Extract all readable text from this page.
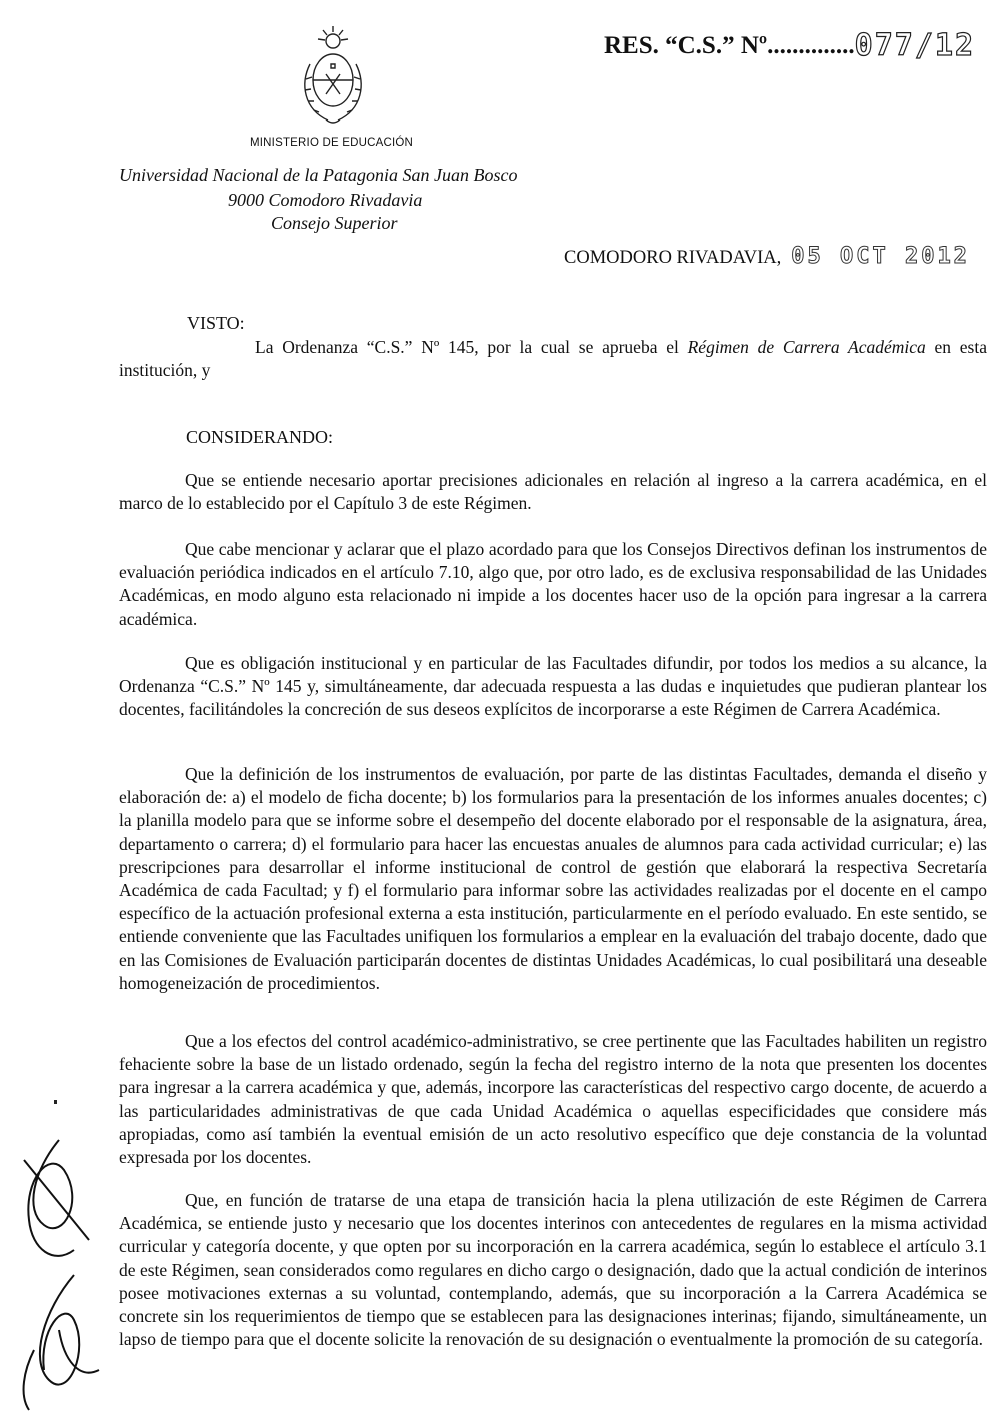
MINISTERIO DE EDUCACIÓN
RES. “C.S.” Nº..............077/12
Universidad Nacional de la Patagonia San Juan Bosco
9000 Comodoro Rivadavia
Consejo Superior
COMODORO RIVADAVIA, 05 OCT 2012
VISTO:
La Ordenanza “C.S.” Nº 145, por la cual se aprueba el Régimen de Carrera Académica en esta institución, y
CONSIDERANDO:

Que se entiende necesario aportar precisiones adicionales en relación al ingreso a la carrera académica, en el marco de lo establecido por el Capítulo 3 de este Régimen.

Que cabe mencionar y aclarar que el plazo acordado para que los Consejos Directivos definan los instrumentos de evaluación periódica indicados en el artículo 7.10, algo que, por otro lado, es de exclusiva responsabilidad de las Unidades Académicas, en modo alguno esta relacionado ni impide a los docentes hacer uso de la opción para ingresar a la carrera académica.

Que es obligación institucional y en particular de las Facultades difundir, por todos los medios a su alcance, la Ordenanza “C.S.” Nº 145 y, simultáneamente, dar adecuada respuesta a las dudas e inquietudes que pudieran plantear los docentes, facilitándoles la concreción de sus deseos explícitos de incorporarse a este Régimen de Carrera Académica.

Que la definición de los instrumentos de evaluación, por parte de las distintas Facultades, demanda el diseño y elaboración de: a) el modelo de ficha docente; b) los formularios para la presentación de los informes anuales docentes; c) la planilla modelo para que se informe sobre el desempeño del docente elaborado por el responsable de la asignatura, área, departamento o carrera; d) el formulario para hacer las encuestas anuales de alumnos para cada actividad curricular; e) las prescripciones para desarrollar el informe institucional de control de gestión que elaborará la respectiva Secretaría Académica de cada Facultad; y f) el formulario para informar sobre las actividades realizadas por el docente en el campo específico de la actuación profesional externa a esta institución, particularmente en el período evaluado. En este sentido, se entiende conveniente que las Facultades unifiquen los formularios a emplear en la evaluación del trabajo docente, dado que en las Comisiones de Evaluación participarán docentes de distintas Unidades Académicas, lo cual posibilitará una deseable homogeneización de procedimientos.

Que a los efectos del control académico-administrativo, se cree pertinente que las Facultades habiliten un registro fehaciente sobre la base de un listado ordenado, según la fecha del registro interno de la nota que presenten los docentes para ingresar a la carrera académica y que, además, incorpore las características del respectivo cargo docente, de acuerdo a las particularidades administrativas de que cada Unidad Académica o aquellas especificidades que considere más apropiadas, como así también la eventual emisión de un acto resolutivo específico que deje constancia de la voluntad expresada por los docentes.

Que, en función de tratarse de una etapa de transición hacia la plena utilización de este Régimen de Carrera Académica, se entiende justo y necesario que los docentes interinos con antecedentes de regulares en la misma actividad curricular y categoría docente, y que opten por su incorporación en la carrera académica, según lo establece el artículo 3.1 de este Régimen, sean considerados como regulares en dicho cargo o designación, dado que la actual condición de interinos posee motivaciones externas a su voluntad, contemplando, además, que su incorporación a la Carrera Académica se concrete sin los requerimientos de tiempo que se establecen para las designaciones interinas; fijando, simultáneamente, un lapso de tiempo para que el docente solicite la renovación de su designación o eventualmente la promoción de su categoría.
